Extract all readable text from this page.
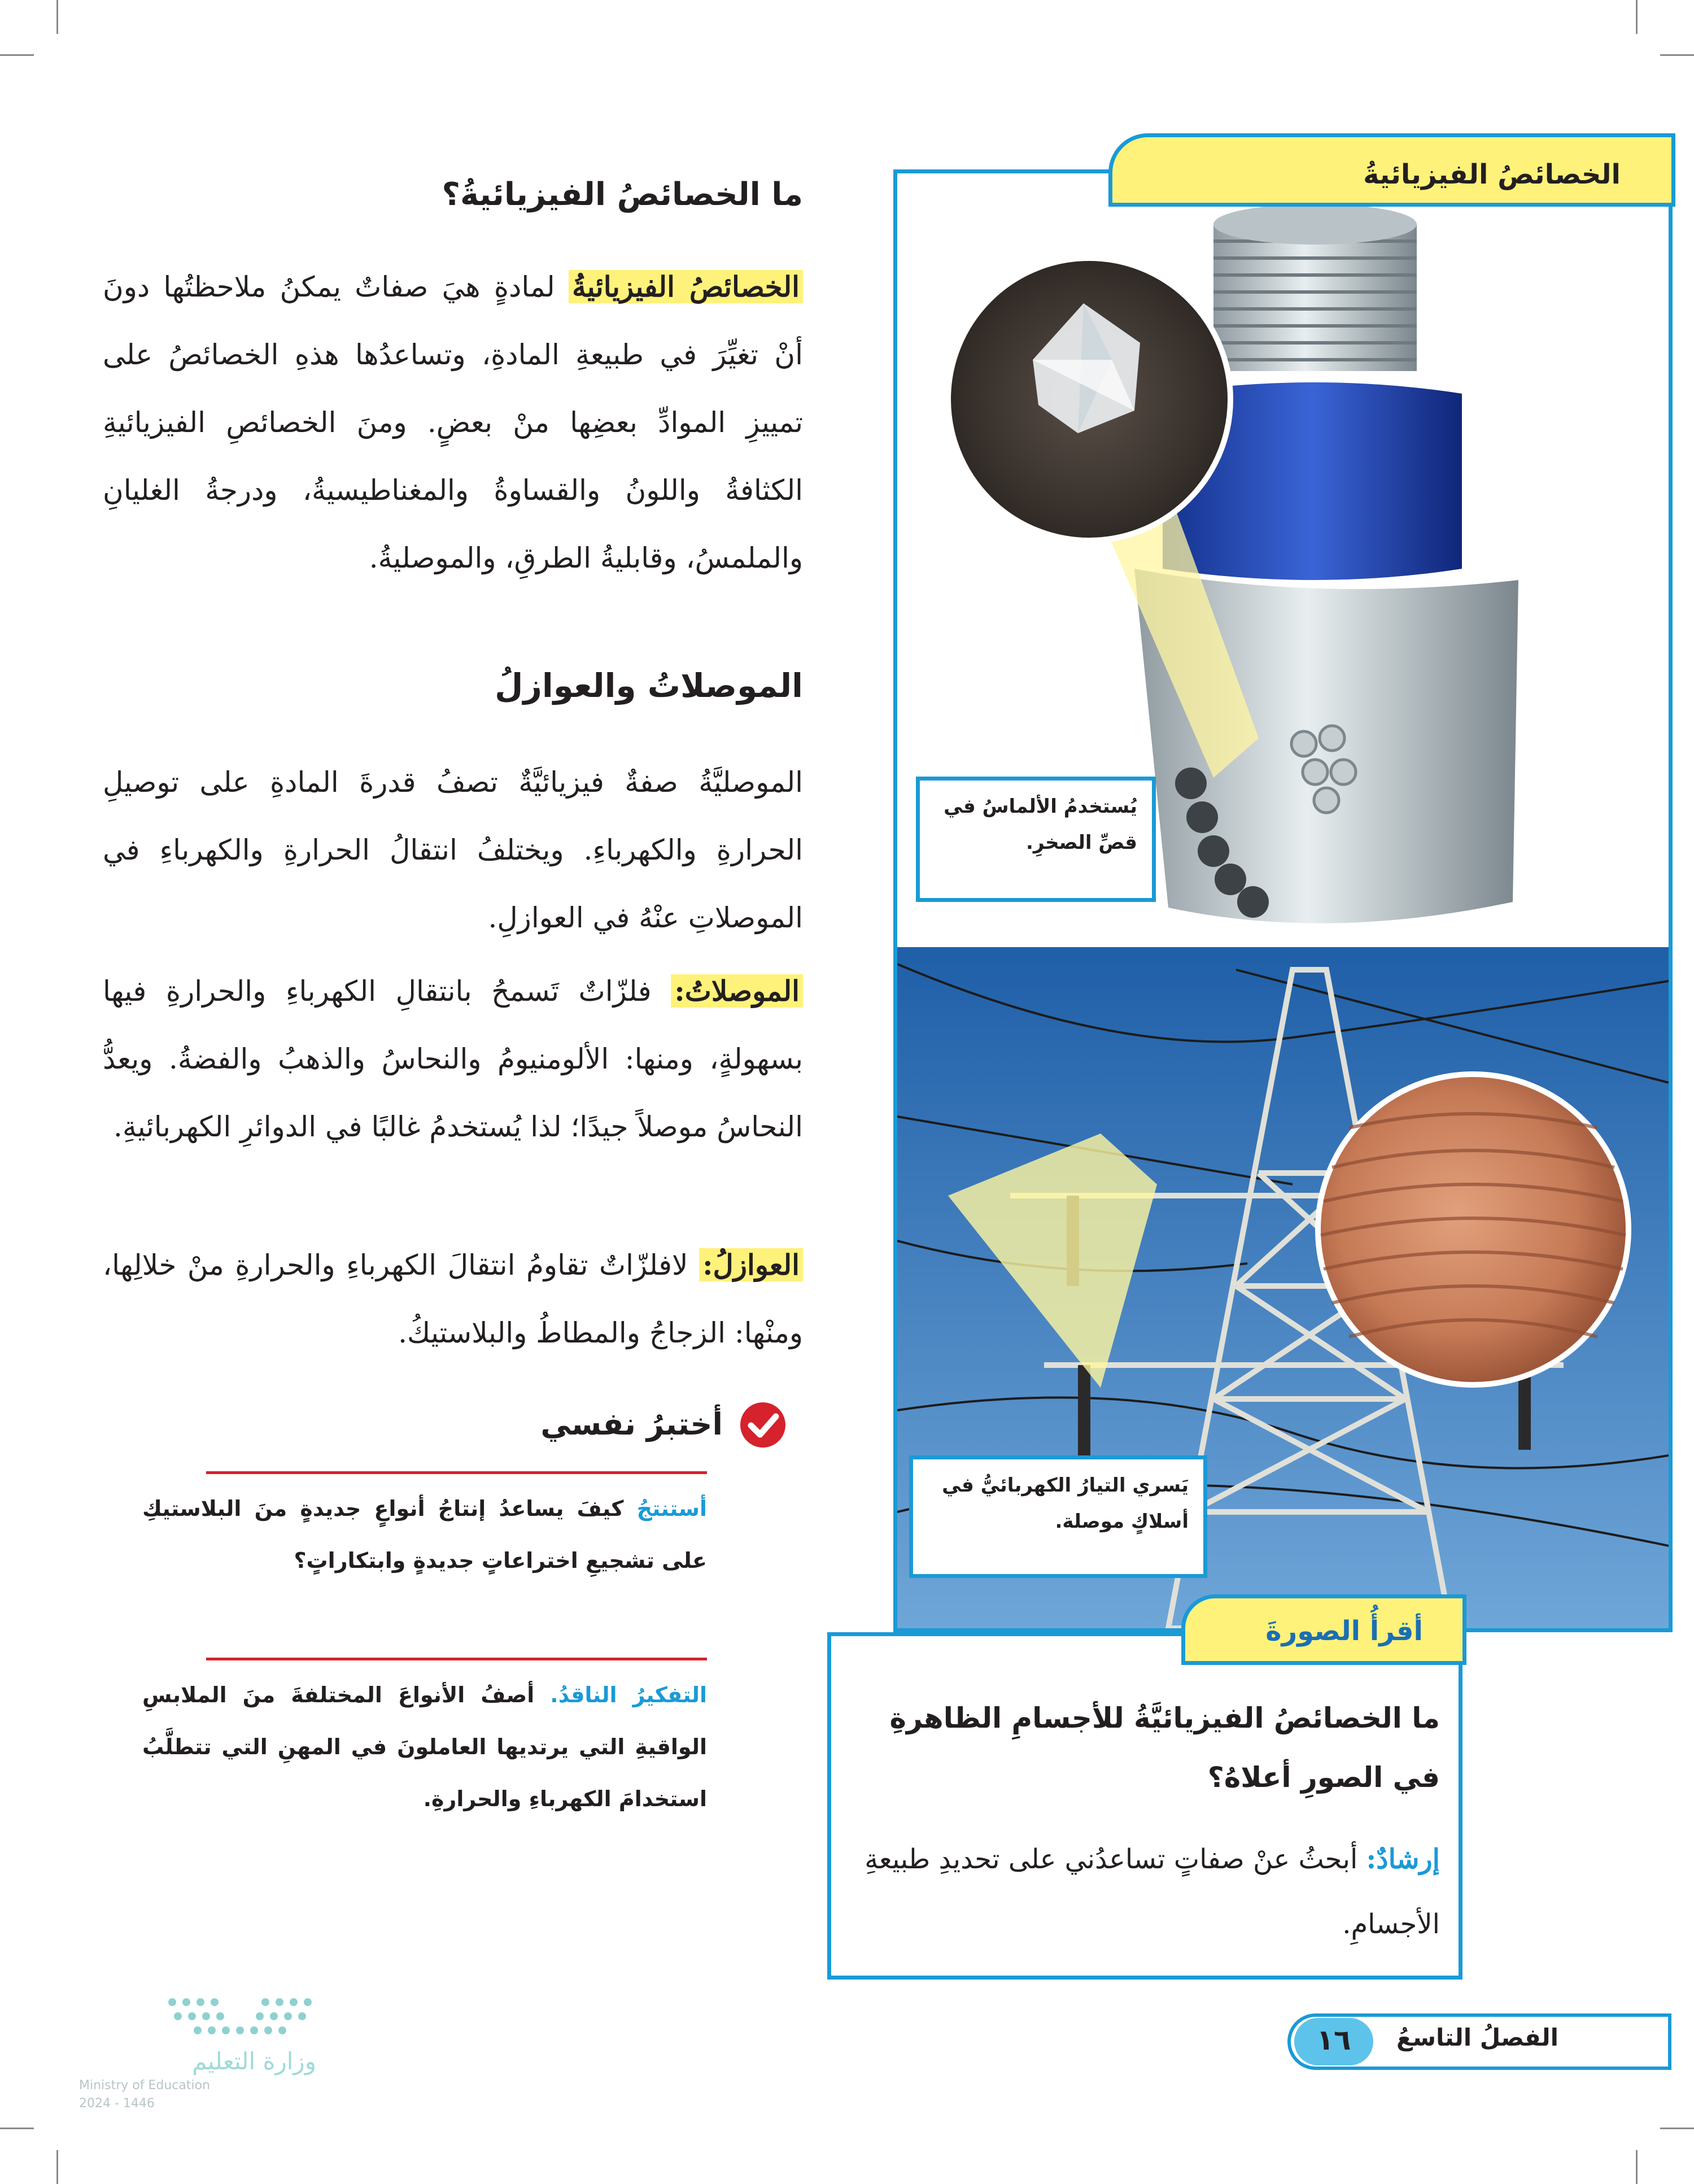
يُستخدمُ الألماسُ في قصِّ الصخرِ.
يَسري التيارُ الكهربائيُّ في أسلاكٍ موصلة.
الخصائصُ الفيزيائيةُ
أقرأُ الصورةَ
ما الخصائصُ الفيزيائيَّةُ للأجسامِ الظاهرةِ في الصورِ أعلاهُ؟
إرشادٌ: أبحثُ عنْ صفاتٍ تساعدُني على تحديدِ طبيعةِ الأجسامِ.
ما الخصائصُ الفيزيائيةُ؟

الخصائصُ الفيزيائيةُ لمادةٍ هيَ صفاتٌ يمكنُ ملاحظتُها دونَ أنْ تغيِّرَ في طبيعةِ المادةِ، وتساعدُها هذهِ الخصائصُ على تمييزِ الموادِّ بعضِها منْ بعضٍ. ومنَ الخصائصِ الفيزيائيةِ الكثافةُ واللونُ والقساوةُ والمغناطيسيةُ، ودرجةُ الغليانِ والملمسُ، وقابليةُ الطرقِ، والموصليةُ.

الموصلاتُ والعوازلُ

الموصليَّةُ صفةٌ فيزيائيَّةٌ تصفُ قدرةَ المادةِ على توصيلِ الحرارةِ والكهرباءِ. ويختلفُ انتقالُ الحرارةِ والكهرباءِ في الموصلاتِ عنْهُ في العوازلِ.

الموصلاتُ: فلزّاتٌ تَسمحُ بانتقالِ الكهرباءِ والحرارةِ فيها بسهولةٍ، ومنها: الألومنيومُ والنحاسُ والذهبُ والفضةُ. ويعدُّ النحاسُ موصلاً جيدًا؛ لذا يُستخدمُ غالبًا في الدوائرِ الكهربائيةِ.

العوازلُ: لافلزّاتٌ تقاومُ انتقالَ الكهرباءِ والحرارةِ منْ خلالِها، ومنْها: الزجاجُ والمطاطُ والبلاستيكُ.

أختبرُ نفسي
أستنتجُ كيفَ يساعدُ إنتاجُ أنواعٍ جديدةٍ منَ البلاستيكِ على تشجيعِ اختراعاتٍ جديدةٍ وابتكاراتٍ؟
التفكيرُ الناقدُ. أصفُ الأنواعَ المختلفةَ منَ الملابسِ الواقيةِ التي يرتديها العاملونَ في المهنِ التي تتطلَّبُ استخدامَ الكهرباءِ والحرارةِ.
الفصلُ التاسعُ
١٦
وزارة التعليم
Ministry of Education
2024 - 1446
